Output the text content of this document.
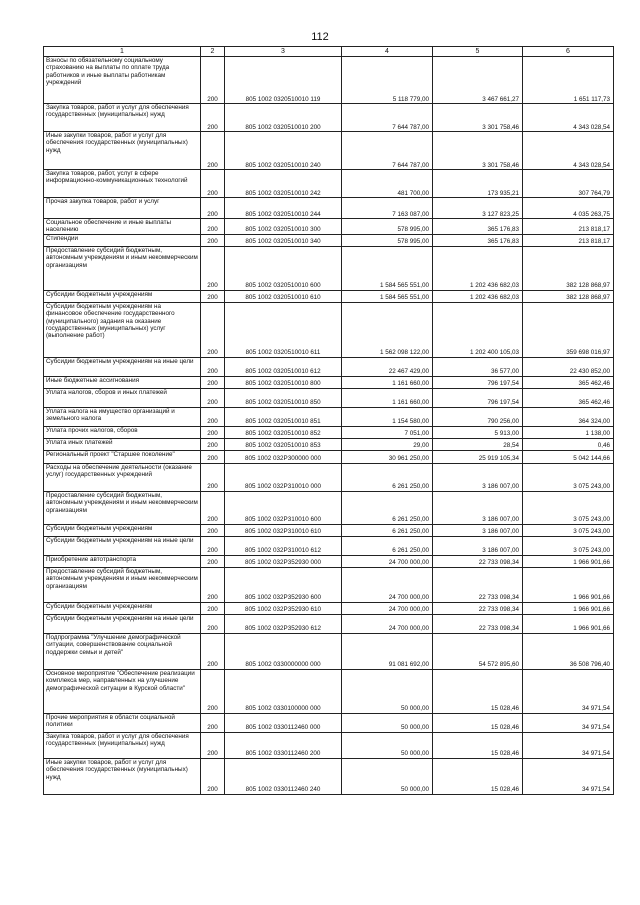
112
1	2	3	4	5	6
Взносы по обязательному социальному страхованию на выплаты по оплате труда работников и иные выплаты работникам учреждений	200	805 1002 0320510010 119	5 118 779,00	3 467 661,27	1 651 117,73
Закупка товаров, работ и услуг для обеспечения государственных (муниципальных) нужд	200	805 1002 0320510010 200	7 644 787,00	3 301 758,46	4 343 028,54
Иные закупки товаров, работ и услуг для обеспечения государственных (муниципальных) нужд	200	805 1002 0320510010 240	7 644 787,00	3 301 758,46	4 343 028,54
Закупка товаров, работ, услуг в сфере информационно-коммуникационных технологий	200	805 1002 0320510010 242	481 700,00	173 935,21	307 764,79
Прочая закупка товаров, работ и услуг	200	805 1002 0320510010 244	7 163 087,00	3 127 823,25	4 035 263,75
Социальное обеспечение и иные выплаты населению	200	805 1002 0320510010 300	578 995,00	365 176,83	213 818,17
Стипендии	200	805 1002 0320510010 340	578 995,00	365 176,83	213 818,17
Предоставление субсидий бюджетным, автономным учреждениям и иным некоммерческим организациям	200	805 1002 0320510010 600	1 584 565 551,00	1 202 436 682,03	382 128 868,97
Субсидии бюджетным учреждениям	200	805 1002 0320510010 610	1 584 565 551,00	1 202 436 682,03	382 128 868,97
Субсидии бюджетным учреждениям на финансовое обеспечение государственного (муниципального) задания на оказание государственных (муниципальных) услуг (выполнение работ)	200	805 1002 0320510010 611	1 562 098 122,00	1 202 400 105,03	359 698 016,97
Субсидии бюджетным учреждениям на иные цели	200	805 1002 0320510010 612	22 467 429,00	36 577,00	22 430 852,00
Иные бюджетные ассигнования	200	805 1002 0320510010 800	1 161 660,00	796 197,54	365 462,46
Уплата налогов, сборов и иных платежей	200	805 1002 0320510010 850	1 161 660,00	796 197,54	365 462,46
Уплата налога на имущество организаций и земельного налога	200	805 1002 0320510010 851	1 154 580,00	790 256,00	364 324,00
Уплата прочих налогов, сборов	200	805 1002 0320510010 852	7 051,00	5 913,00	1 138,00
Уплата иных платежей	200	805 1002 0320510010 853	29,00	28,54	0,46
Региональный проект "Старшее поколение"	200	805 1002 032P300000 000	30 961 250,00	25 919 105,34	5 042 144,66
Расходы на обеспечение деятельности (оказание услуг) государственных учреждений	200	805 1002 032P310010 000	6 261 250,00	3 186 007,00	3 075 243,00
Предоставление субсидий бюджетным, автономным учреждениям и иным некоммерческим организациям	200	805 1002 032P310010 600	6 261 250,00	3 186 007,00	3 075 243,00
Субсидии бюджетным учреждениям	200	805 1002 032P310010 610	6 261 250,00	3 186 007,00	3 075 243,00
Субсидии бюджетным учреждениям на иные цели	200	805 1002 032P310010 612	6 261 250,00	3 186 007,00	3 075 243,00
Приобретение автотранспорта	200	805 1002 032P352930 000	24 700 000,00	22 733 098,34	1 966 901,66
Предоставление субсидий бюджетным, автономным учреждениям и иным некоммерческим организациям	200	805 1002 032P352930 600	24 700 000,00	22 733 098,34	1 966 901,66
Субсидии бюджетным учреждениям	200	805 1002 032P352930 610	24 700 000,00	22 733 098,34	1 966 901,66
Субсидии бюджетным учреждениям на иные цели	200	805 1002 032P352930 612	24 700 000,00	22 733 098,34	1 966 901,66
Подпрограмма "Улучшение демографической ситуации, совершенствование социальной поддержки семьи и детей"	200	805 1002 0330000000 000	91 081 692,00	54 572 895,60	36 508 796,40
Основное мероприятие "Обеспечение реализации комплекса мер, направленных на улучшение демографической ситуации в Курской области"	200	805 1002 0330100000 000	50 000,00	15 028,46	34 971,54
Прочие мероприятия в области социальной политики	200	805 1002 0330112460 000	50 000,00	15 028,46	34 971,54
Закупка товаров, работ и услуг для обеспечения государственных (муниципальных) нужд	200	805 1002 0330112460 200	50 000,00	15 028,46	34 971,54
Иные закупки товаров, работ и услуг для обеспечения государственных (муниципальных) нужд	200	805 1002 0330112460 240	50 000,00	15 028,46	34 971,54
